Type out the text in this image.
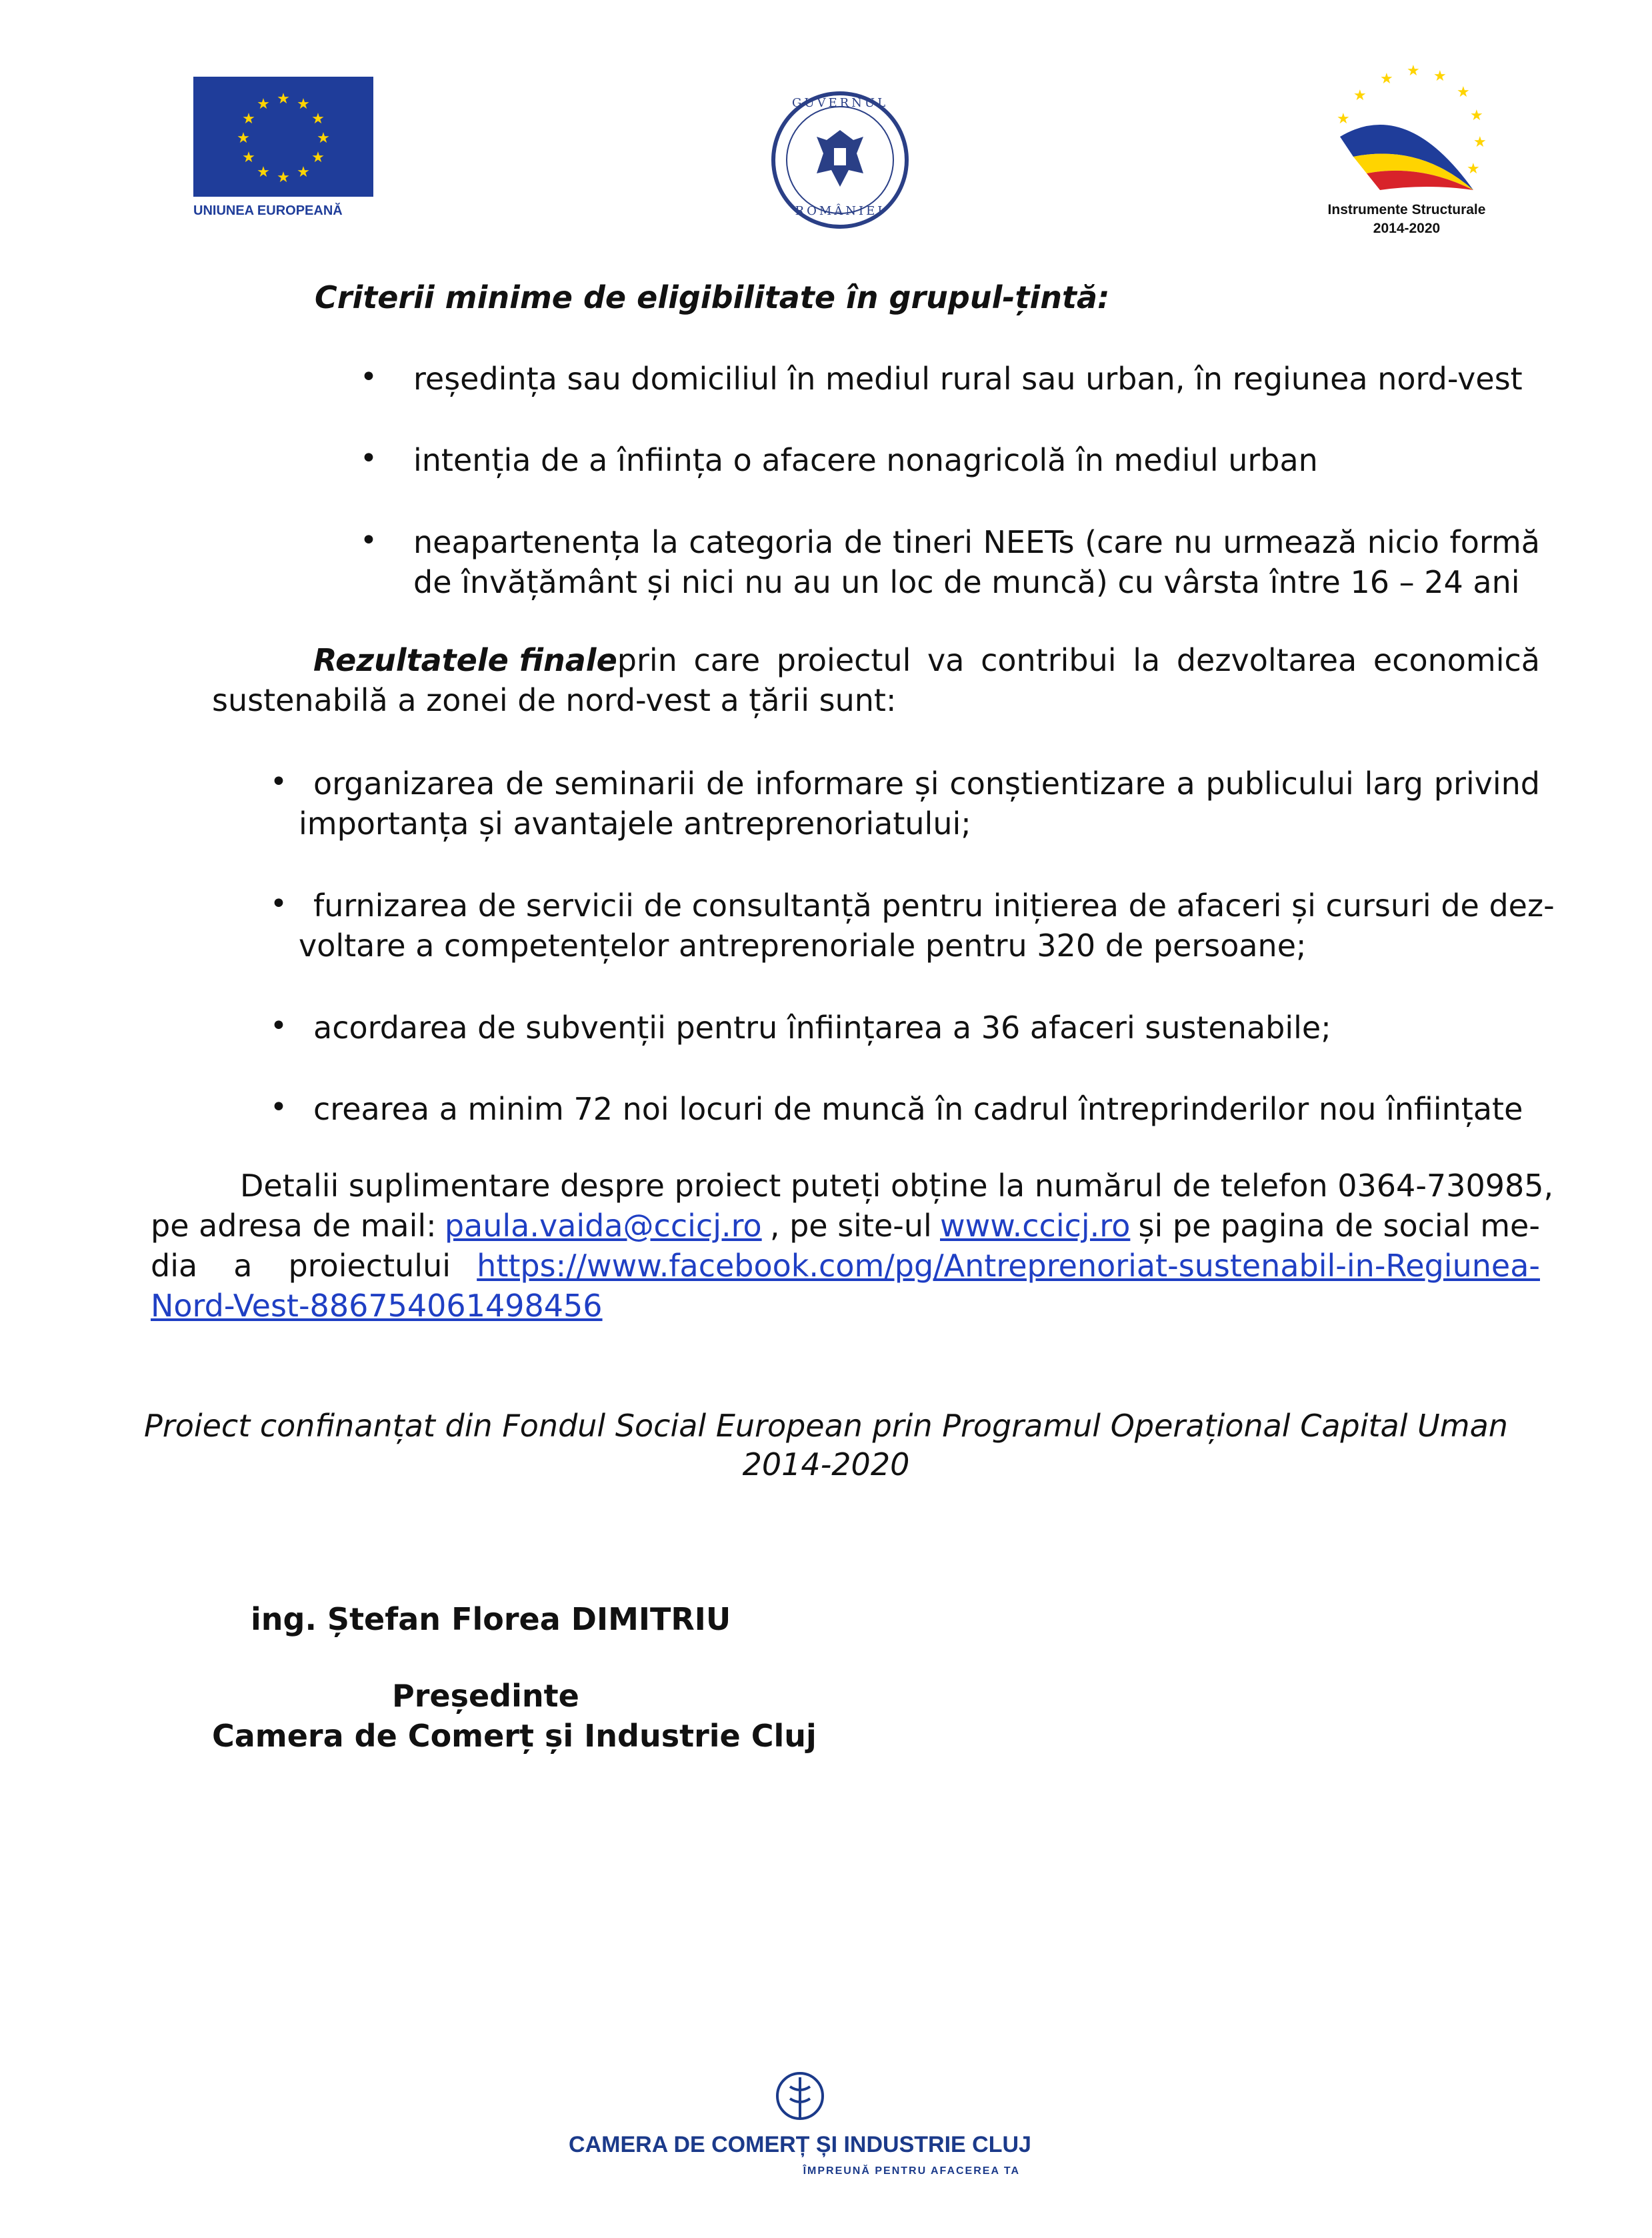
★ ★
★
★
★
★
★
★
★
★
★
★
UNIUNEA EUROPEANĂ
GUVERNUL
ROMÂNIEI
★ ★ ★
★
★
★
★
★
★
Instrumente Structurale
2014-2020
Criterii minime de eligibilitate în grupul-țintă:
• reședința sau domiciliul în mediul rural sau urban, în regiunea nord-vest
• intenția de a înființa o afacere nonagricolă în mediul urban
• neapartenența la categoria de tineri NEETs (care nu urmează nicio formă
de învățământ și nici nu au un loc de muncă) cu vârsta între 16 – 24 ani
Rezultatele finale prin care proiectul va contribui la dezvoltarea economică
sustenabilă a zonei de nord-vest a țării sunt:
• organizarea de seminarii de informare și conștientizare a publicului larg privind
importanța și avantajele antreprenoriatului;
• furnizarea de servicii de consultanță pentru inițierea de afaceri și cursuri de dez-
voltare a competențelor antreprenoriale pentru 320 de persoane;
• acordarea de subvenții pentru înființarea a 36 afaceri sustenabile;
• crearea a minim 72 noi locuri de muncă în cadrul întreprinderilor nou înființate
Detalii suplimentare despre proiect puteți obține la numărul de telefon 0364-730985,
pe adresa de mail: paula.vaida@ccicj.ro , pe site-ul www.ccicj.ro și pe pagina de social me-
dia a proiectului https://www.facebook.com/pg/Antreprenoriat-sustenabil-in-Regiunea-
Nord-Vest-886754061498456
Proiect confinanțat din Fondul Social European prin Programul Operațional Capital Uman
2014-2020
ing. Ștefan Florea DIMITRIU
Președinte
Camera de Comerț și Industrie Cluj
CAMERA DE COMERȚ ȘI INDUSTRIE CLUJ
ÎMPREUNĂ PENTRU AFACEREA TA
